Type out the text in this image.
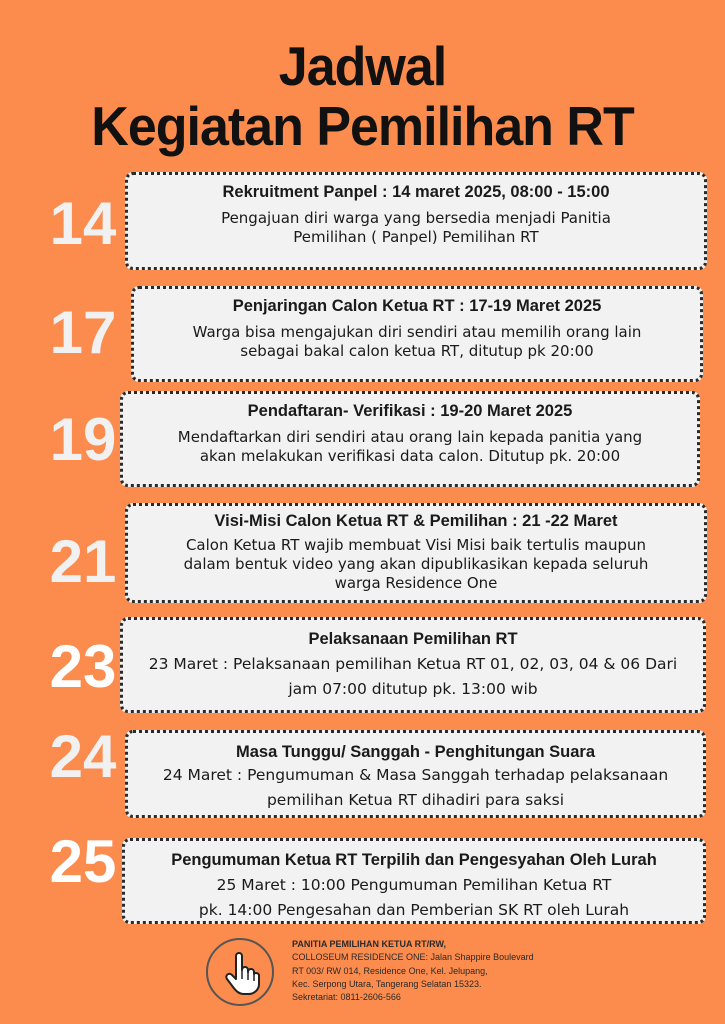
Jadwal
Kegiatan Pemilihan RT
14	Rekruitment Panpel : 14 maret 2025, 08:00 - 15:00

Pengajuan diri warga yang bersedia menjadi Panitia

Pemilihan ( Panpel) Pemilihan RT

17	Penjaringan Calon Ketua RT : 17-19 Maret 2025

Warga bisa mengajukan diri sendiri atau memilih orang lain

sebagai bakal calon ketua RT, ditutup pk 20:00

19	Pendaftaran- Verifikasi : 19-20 Maret 2025

Mendaftarkan diri sendiri atau orang lain kepada panitia yang

akan melakukan verifikasi data calon. Ditutup pk. 20:00

21
Visi-Misi Calon Ketua RT & Pemilihan : 21 -22 Maret

Calon Ketua RT wajib membuat Visi Misi baik tertulis maupun

dalam bentuk video yang akan dipublikasikan kepada seluruh

warga Residence One

23	Pelaksanaan Pemilihan RT

23 Maret : Pelaksanaan pemilihan Ketua RT 01, 02, 03, 04 & 06 Dari

jam 07:00 ditutup pk. 13:00 wib

24	Masa Tunggu/ Sanggah - Penghitungan Suara

24 Maret : Pengumuman & Masa Sanggah terhadap pelaksanaan

pemilihan Ketua RT dihadiri para saksi

25	Pengumuman Ketua RT Terpilih dan Pengesyahan Oleh Lurah

25 Maret : 10:00 Pengumuman Pemilihan Ketua RT

pk. 14:00 Pengesahan dan Pemberian SK RT oleh Lurah

PANITIA PEMILIHAN KETUA RT/RW,
COLLOSEUM RESIDENCE ONE: Jalan Shappire Boulevard
RT 003/ RW 014, Residence One, Kel. Jelupang,
Kec. Serpong Utara, Tangerang Selatan 15323.
Sekretariat: 0811-2606-566
